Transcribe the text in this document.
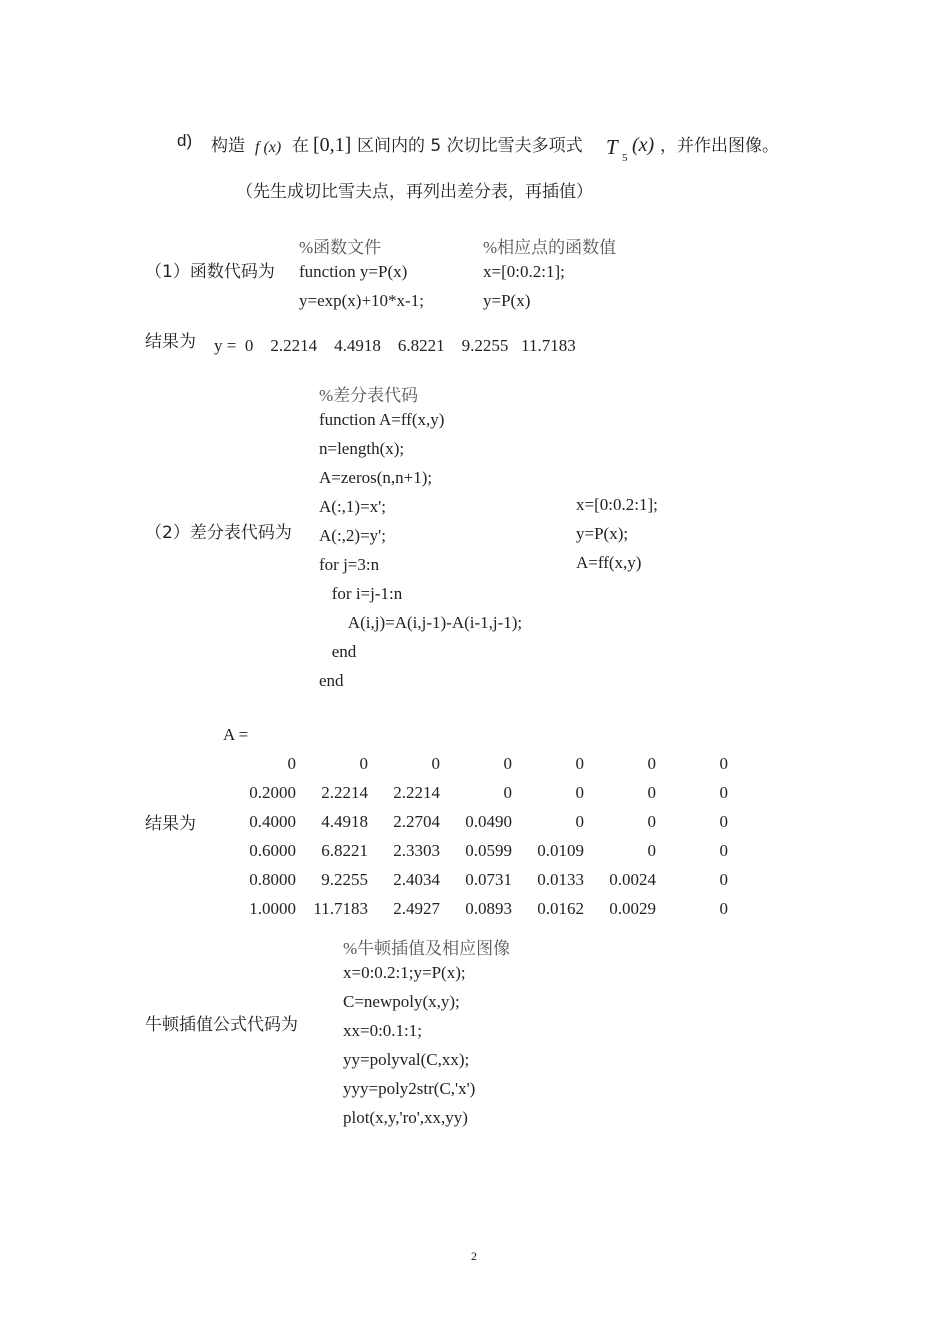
d) 构造 f (x) 在 [0,1] 区间内的 5 次切比雪夫多项式 T 5
(x) ，并作出图像。
（先生成切比雪夫点，再列出差分表，再插值）
（1）函数代码为
%函数文件
function y=P(x)
y=exp(x)+10*x-1;
%相应点的函数值
x=[0:0.2:1];
y=P(x)
结果为 y =  0    2.2214    4.4918    6.8221    9.2255   11.7183
（2）差分表代码为
%差分表代码
function A=ff(x,y)
n=length(x);
A=zeros(n,n+1);
A(:,1)=x';
A(:,2)=y';
for j=3:n
for i=j-1:n
A(i,j)=A(i,j-1)-A(i-1,j-1);
end
end
x=[0:0.2:1];
y=P(x);
A=ff(x,y)
A =
结果为
0	0	0	0	0	0	0
0.2000	2.2214	2.2214	0	0	0	0
0.4000	4.4918	2.2704	0.0490	0	0	0
0.6000	6.8221	2.3303	0.0599	0.0109	0	0
0.8000	9.2255	2.4034	0.0731	0.0133	0.0024	0
1.0000	11.7183	2.4927	0.0893	0.0162	0.0029	0
牛顿插值公式代码为
%牛顿插值及相应图像
x=0:0.2:1;y=P(x);
C=newpoly(x,y);
xx=0:0.1:1;
yy=polyval(C,xx);
yyy=poly2str(C,'x')
plot(x,y,'ro',xx,yy)
2
